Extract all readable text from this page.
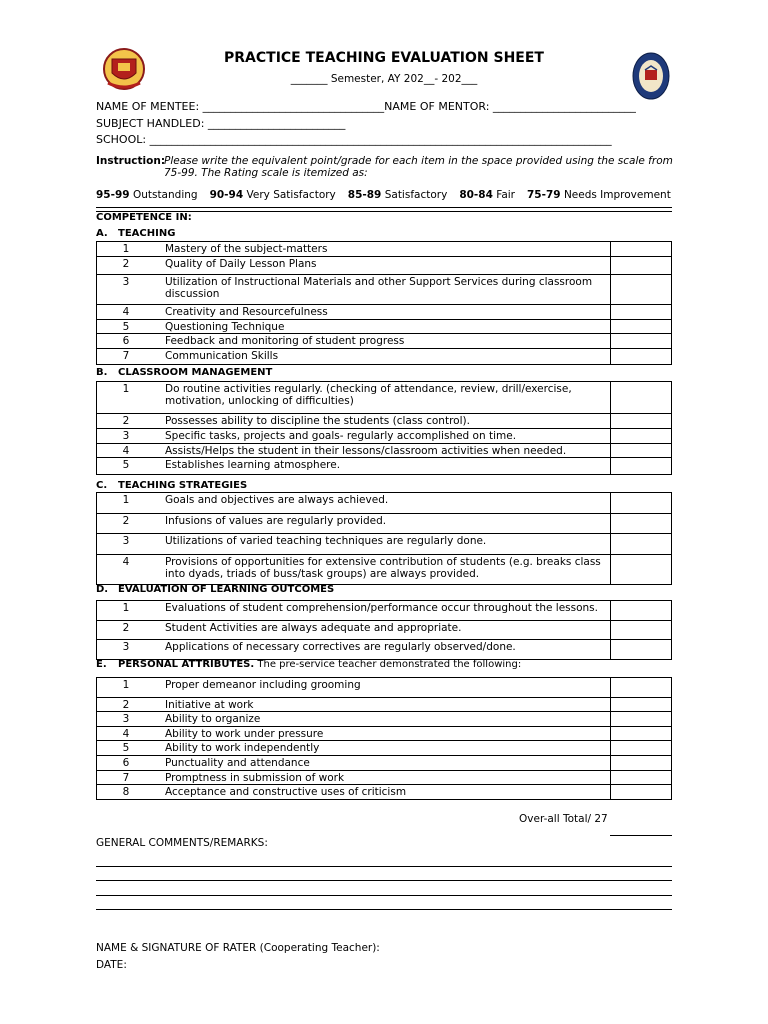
PRACTICE TEACHING EVALUATION SHEET
_______ Semester, AY 202__- 202___
NAME OF MENTEE: _________________________________NAME OF MENTOR: __________________________
SUBJECT HANDLED: _________________________
SCHOOL: ____________________________________________________________________________________
Instruction:
Please write the equivalent point/grade for each item in the space provided using the scale from 75-99. The Rating scale is itemized as:
95-99 Outstanding 90-94 Very Satisfactory 85-89 Satisfactory 80-84 Fair 75-79 Needs Improvement
COMPETENCE IN:
A. TEACHING
1	Mastery of the subject-matters
2	Quality of Daily Lesson Plans
3	Utilization of Instructional Materials and other Support Services during classroom discussion
4	Creativity and Resourcefulness
5	Questioning Technique
6	Feedback and monitoring of student progress
7	Communication Skills
B. CLASSROOM MANAGEMENT
1	Do routine activities regularly. (checking of attendance, review, drill/exercise, motivation, unlocking of difficulties)
2	Possesses ability to discipline the students (class control).
3	Specific tasks, projects and goals- regularly accomplished on time.
4	Assists/Helps the student in their lessons/classroom activities when needed.
5	Establishes learning atmosphere.
C. TEACHING STRATEGIES
1	Goals and objectives are always achieved.
2	Infusions of values are regularly provided.
3	Utilizations of varied teaching techniques are regularly done.
4	Provisions of opportunities for extensive contribution of students (e.g. breaks class into dyads, triads of buss/task groups) are always provided.
D. EVALUATION OF LEARNING OUTCOMES
1	Evaluations of student comprehension/performance occur throughout the lessons.
2	Student Activities are always adequate and appropriate.
3	Applications of necessary correctives are regularly observed/done.
E. PERSONAL ATTRIBUTES. The pre-service teacher demonstrated the following:
1	Proper demeanor including grooming
2	Initiative at work
3	Ability to organize
4	Ability to work under pressure
5	Ability to work independently
6	Punctuality and attendance
7	Promptness in submission of work
8	Acceptance and constructive uses of criticism
Over-all Total/ 27
GENERAL COMMENTS/REMARKS:
NAME & SIGNATURE OF RATER (Cooperating Teacher):
DATE:
